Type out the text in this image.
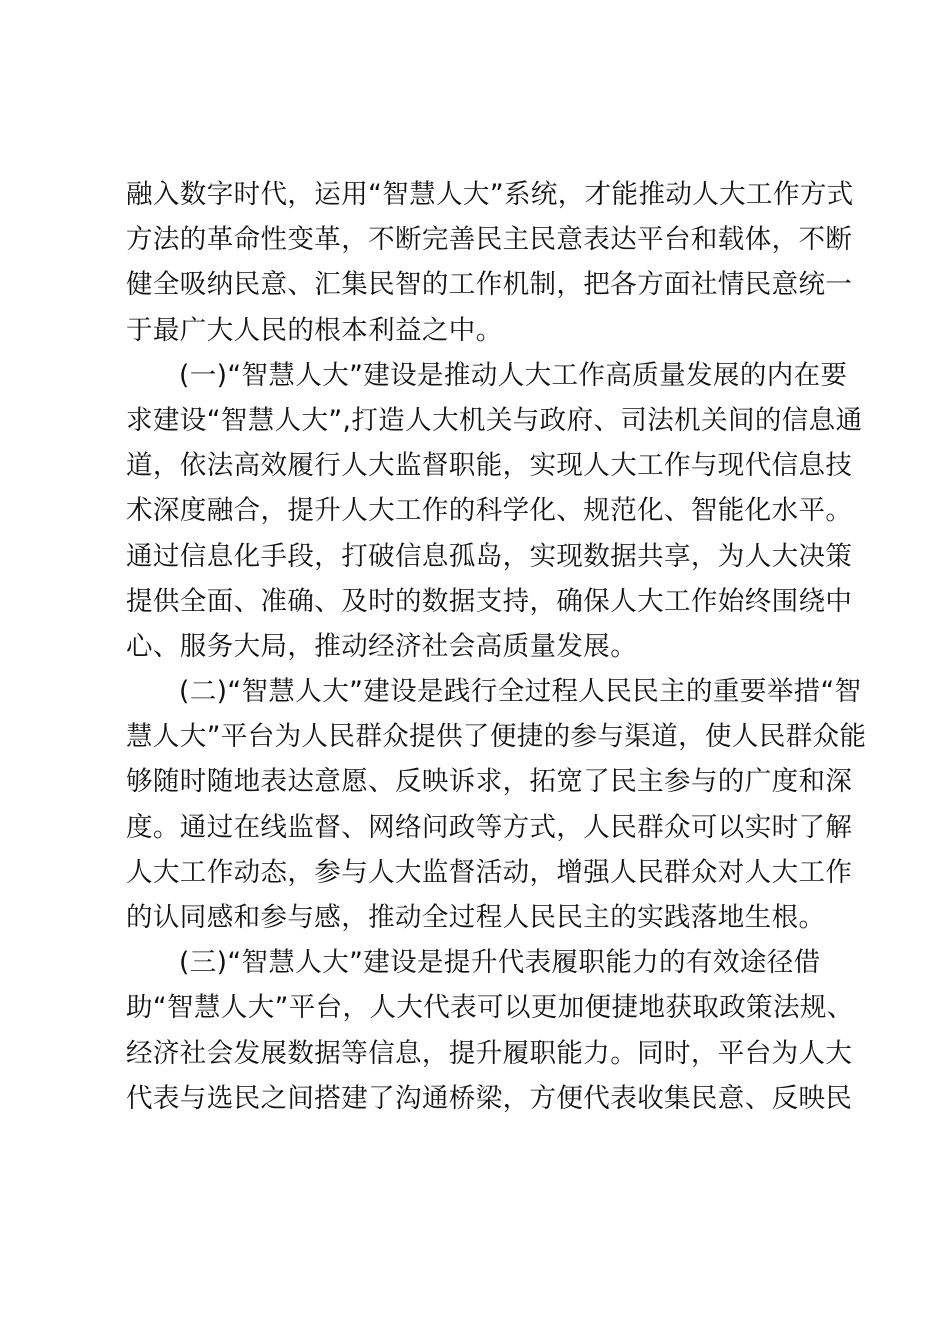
融入数字时代，运用“智慧人大”系统，才能推动人大工作方式
方法的革命性变革，不断完善民主民意表达平台和载体，不断
健全吸纳民意、汇集民智的工作机制，把各方面社情民意统一
于最广大人民的根本利益之中。

(一)“智慧人大”建设是推动人大工作高质量发展的内在要
求建设“智慧人大”,打造人大机关与政府、司法机关间的信息通
道，依法高效履行人大监督职能，实现人大工作与现代信息技
术深度融合，提升人大工作的科学化、规范化、智能化水平。
通过信息化手段，打破信息孤岛，实现数据共享，为人大决策
提供全面、准确、及时的数据支持，确保人大工作始终围绕中
心、服务大局，推动经济社会高质量发展。

(二)“智慧人大”建设是践行全过程人民民主的重要举措“智
慧人大”平台为人民群众提供了便捷的参与渠道，使人民群众能
够随时随地表达意愿、反映诉求，拓宽了民主参与的广度和深
度。通过在线监督、网络问政等方式，人民群众可以实时了解
人大工作动态，参与人大监督活动，增强人民群众对人大工作
的认同感和参与感，推动全过程人民民主的实践落地生根。

(三)“智慧人大”建设是提升代表履职能力的有效途径借
助“智慧人大”平台，人大代表可以更加便捷地获取政策法规、
经济社会发展数据等信息，提升履职能力。同时，平台为人大
代表与选民之间搭建了沟通桥梁，方便代表收集民意、反映民
